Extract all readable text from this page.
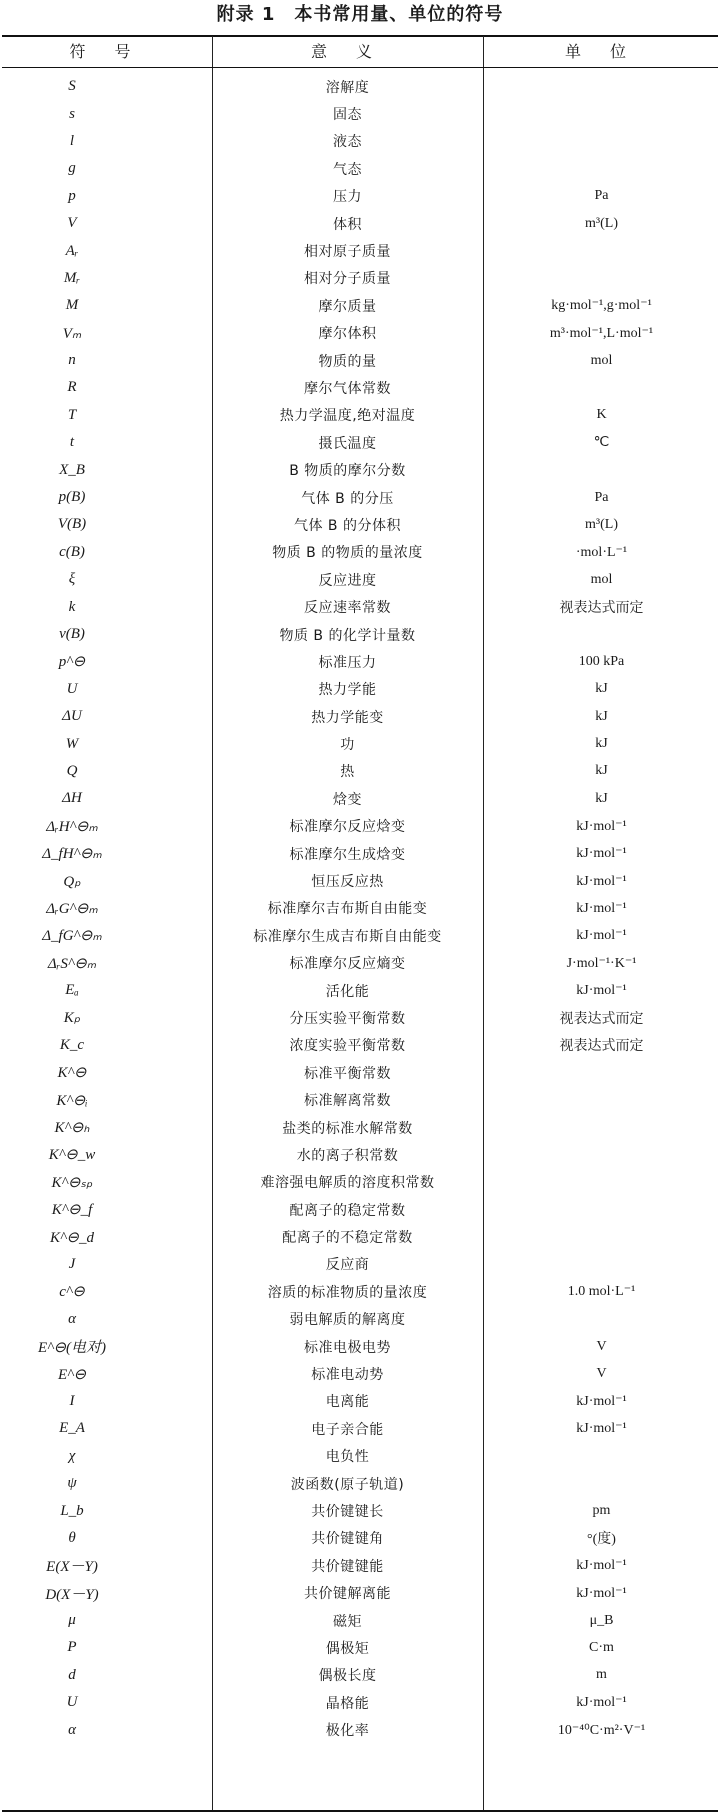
附录 1　本书常用量、单位的符号
符 号	意 义	单 位
S	溶解度
s	固态
l	液态
g	气态
p	压力	Pa
V	体积	m³(L)
Aᵣ	相对原子质量
Mᵣ	相对分子质量
M	摩尔质量	kg·mol⁻¹,g·mol⁻¹
Vₘ	摩尔体积	m³·mol⁻¹,L·mol⁻¹
n	物质的量	mol
R	摩尔气体常数
T	热力学温度,绝对温度	K
t	摄氏温度	℃
X_B	B 物质的摩尔分数
p(B)	气体 B 的分压	Pa
V(B)	气体 B 的分体积	m³(L)
c(B)	物质 B 的物质的量浓度	·mol·L⁻¹
ξ	反应进度	mol
k	反应速率常数	视表达式而定
ν(B)	物质 B 的化学计量数
p^⊖	标准压力	100 kPa
U	热力学能	kJ
ΔU	热力学能变	kJ
W	功	kJ
Q	热	kJ
ΔH	焓变	kJ
ΔᵣH^⊖ₘ	标准摩尔反应焓变	kJ·mol⁻¹
Δ_fH^⊖ₘ	标准摩尔生成焓变	kJ·mol⁻¹
Qₚ	恒压反应热	kJ·mol⁻¹
ΔᵣG^⊖ₘ	标准摩尔吉布斯自由能变	kJ·mol⁻¹
Δ_fG^⊖ₘ	标准摩尔生成吉布斯自由能变	kJ·mol⁻¹
ΔᵣS^⊖ₘ	标准摩尔反应熵变	J·mol⁻¹·K⁻¹
Eₐ	活化能	kJ·mol⁻¹
Kₚ	分压实验平衡常数	视表达式而定
K_c	浓度实验平衡常数	视表达式而定
K^⊖	标准平衡常数
K^⊖ᵢ	标准解离常数
K^⊖ₕ	盐类的标准水解常数
K^⊖_w	水的离子积常数
K^⊖ₛₚ	难溶强电解质的溶度积常数
K^⊖_f	配离子的稳定常数
K^⊖_d	配离子的不稳定常数
J	反应商
c^⊖	溶质的标准物质的量浓度	1.0 mol·L⁻¹
α	弱电解质的解离度
E^⊖(电对)	标准电极电势	V
E^⊖	标准电动势	V
I	电离能	kJ·mol⁻¹
E_A	电子亲合能	kJ·mol⁻¹
χ	电负性
ψ	波函数(原子轨道)
L_b	共价键键长	pm
θ	共价键键角	°(度)
E(X－Y)	共价键键能	kJ·mol⁻¹
D(X－Y)	共价键解离能	kJ·mol⁻¹
μ	磁矩	μ_B
P	偶极矩	C·m
d	偶极长度	m
U	晶格能	kJ·mol⁻¹
α	极化率	10⁻⁴⁰C·m²·V⁻¹
